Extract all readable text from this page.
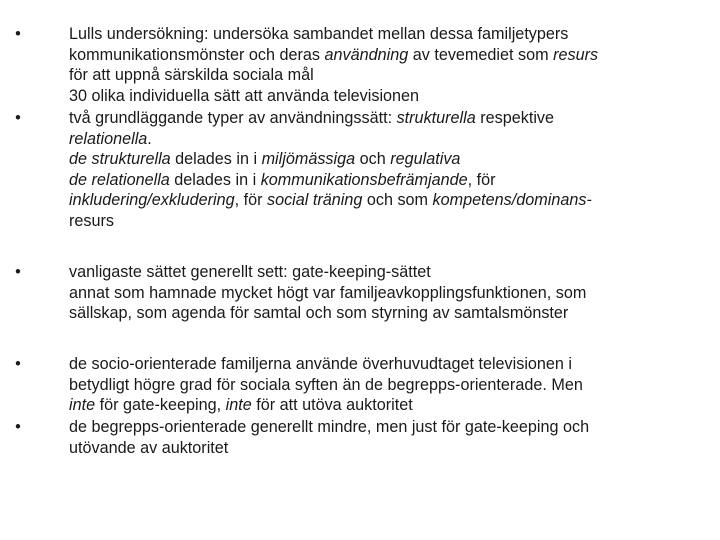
•	Lulls undersökning: undersöka sambandet mellan dessa familjetypers

kommunikationsmönster och deras användning av tevemediet som resurs

för att uppnå särskilda sociala mål

30 olika individuella sätt att använda televisionen

•	två grundläggande typer av användningssätt: strukturella respektive

relationella.

de strukturella delades in i miljömässiga och regulativa

de relationella delades in i kommunikationsbefrämjande, för

inkludering/exkludering, för social träning och som kompetens/dominans-

resurs

•	vanligaste sättet generellt sett: gate-keeping-sättet

annat som hamnade mycket högt var familjeavkopplingsfunktionen, som

sällskap, som agenda för samtal och som styrning av samtalsmönster

•	de socio-orienterade familjerna använde överhuvudtaget televisionen i

betydligt högre grad för sociala syften än de begrepps-orienterade. Men

inte för gate-keeping, inte för att utöva auktoritet

•	de begrepps-orienterade generellt mindre, men just för gate-keeping och

utövande av auktoritet
